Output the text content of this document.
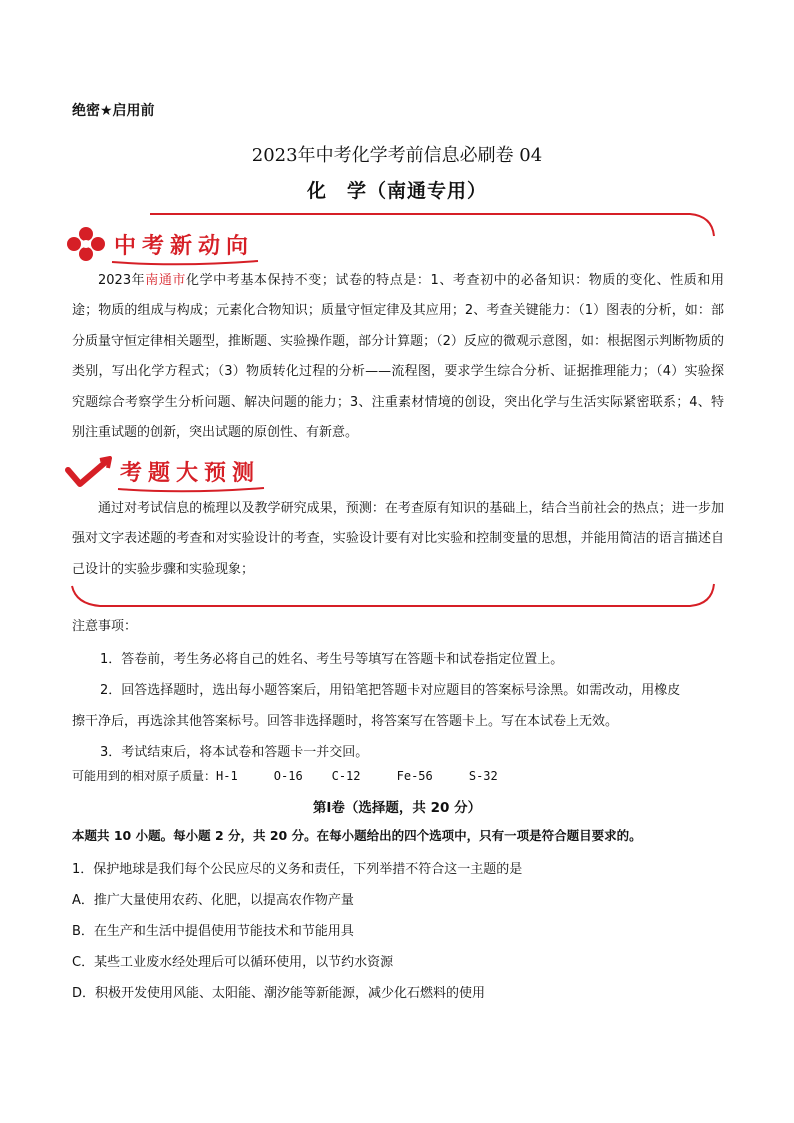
绝密★启用前
2023年中考化学考前信息必刷卷 04
化　学（南通专用）
中考新动向

2023年南通市化学中考基本保持不变；试卷的特点是：1、考查初中的必备知识：物质的变化、性质和用途；物质的组成与构成；元素化合物知识；质量守恒定律及其应用；2、考查关键能力：（1）图表的分析，如：部分质量守恒定律相关题型，推断题、实验操作题，部分计算题；（2）反应的微观示意图，如：根据图示判断物质的类别，写出化学方程式；（3）物质转化过程的分析——流程图，要求学生综合分析、证据推理能力；（4）实验探究题综合考察学生分析问题、解决问题的能力；3、注重素材情境的创设，突出化学与生活实际紧密联系；4、特别注重试题的创新，突出试题的原创性、有新意。

考题大预测

通过对考试信息的梳理以及教学研究成果，预测：在考查原有知识的基础上，结合当前社会的热点；进一步加强对文字表述题的考查和对实验设计的考查，实验设计要有对比实验和控制变量的思想，并能用简洁的语言描述自己设计的实验步骤和实验现象；

注意事项：
1．答卷前，考生务必将自己的姓名、考生号等填写在答题卡和试卷指定位置上。
2．回答选择题时，选出每小题答案后，用铅笔把答题卡对应题目的答案标号涂黑。如需改动，用橡皮
擦干净后，再选涂其他答案标号。回答非选择题时，将答案写在答题卡上。写在本试卷上无效。
3．考试结束后，将本试卷和答题卡一并交回。
可能用到的相对原子质量：H-1     O-16    C-12     Fe-56     S-32
第Ⅰ卷（选择题，共 20 分）
本题共 10 小题。每小题 2 分，共 20 分。在每小题给出的四个选项中，只有一项是符合题目要求的。
1．保护地球是我们每个公民应尽的义务和责任，下列举措不符合这一主题的是
A．推广大量使用农药、化肥，以提高农作物产量
B．在生产和生活中提倡使用节能技术和节能用具
C．某些工业废水经处理后可以循环使用，以节约水资源
D．积极开发使用风能、太阳能、潮汐能等新能源，减少化石燃料的使用
